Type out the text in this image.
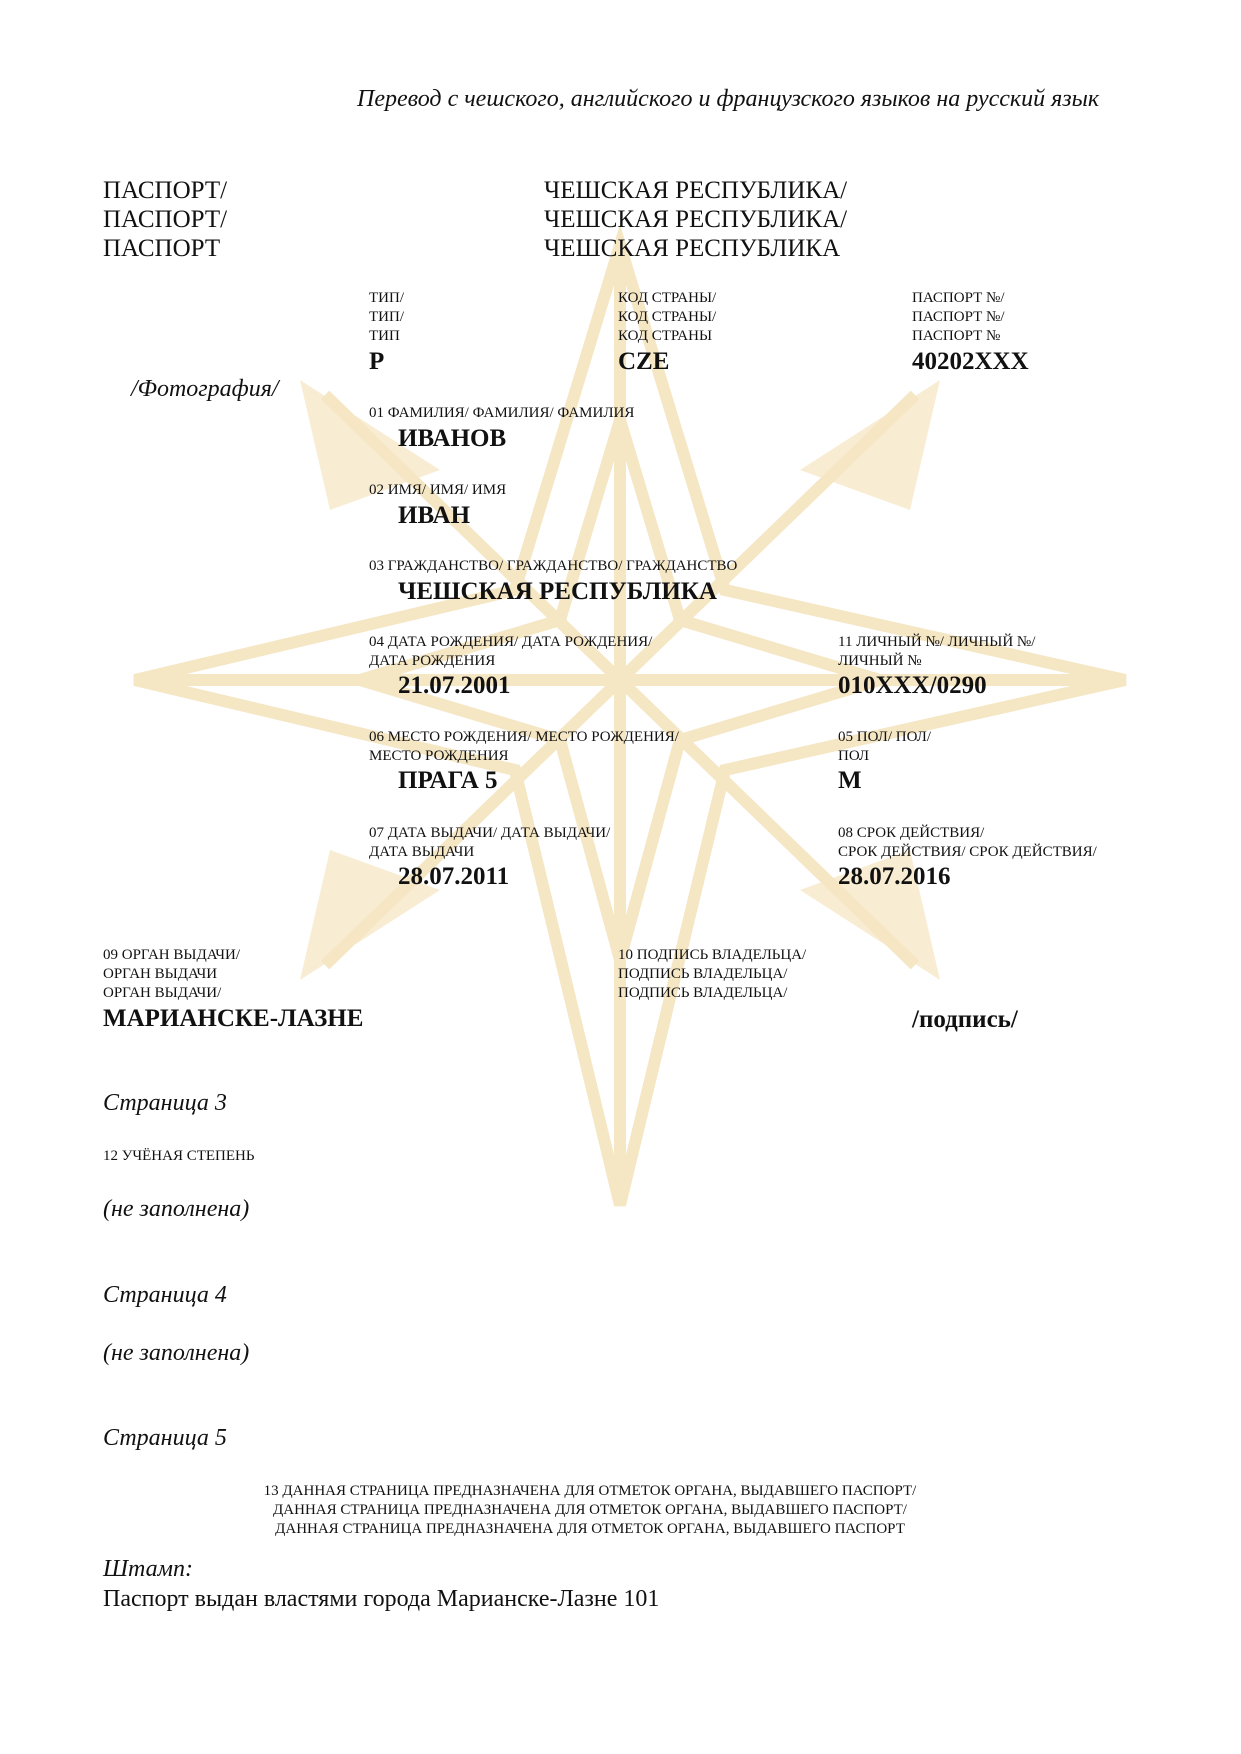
Перевод с чешского, английского и французского языков на русский язык
ПАСПОРТ/
ПАСПОРТ/
ПАСПОРТ
ЧЕШСКАЯ РЕСПУБЛИКА/
ЧЕШСКАЯ РЕСПУБЛИКА/
ЧЕШСКАЯ РЕСПУБЛИКА
ТИП/
ТИП/
ТИП
P
КОД СТРАНЫ/
КОД СТРАНЫ/
КОД СТРАНЫ
CZE
ПАСПОРТ №/
ПАСПОРТ №/
ПАСПОРТ №
40202XXX
/Фотография/
01 ФАМИЛИЯ/ ФАМИЛИЯ/ ФАМИЛИЯ
ИВАНОВ
02 ИМЯ/ ИМЯ/ ИМЯ
ИВАН
03 ГРАЖДАНСТВО/ ГРАЖДАНСТВО/ ГРАЖДАНСТВО
ЧЕШСКАЯ РЕСПУБЛИКА
04 ДАТА РОЖДЕНИЯ/ ДАТА РОЖДЕНИЯ/
ДАТА РОЖДЕНИЯ
21.07.2001
11 ЛИЧНЫЙ №/ ЛИЧНЫЙ №/
ЛИЧНЫЙ №
010XXX/0290
06 МЕСТО РОЖДЕНИЯ/ МЕСТО РОЖДЕНИЯ/
МЕСТО РОЖДЕНИЯ
ПРАГА 5
05 ПОЛ/ ПОЛ/
ПОЛ
M
07 ДАТА ВЫДАЧИ/ ДАТА ВЫДАЧИ/
ДАТА ВЫДАЧИ
28.07.2011
08 СРОК ДЕЙСТВИЯ/
СРОК ДЕЙСТВИЯ/ СРОК ДЕЙСТВИЯ/
28.07.2016
09 ОРГАН ВЫДАЧИ/
ОРГАН ВЫДАЧИ
ОРГАН ВЫДАЧИ/
МАРИАНСКЕ-ЛАЗНЕ
10 ПОДПИСЬ ВЛАДЕЛЬЦА/
ПОДПИСЬ ВЛАДЕЛЬЦА/
ПОДПИСЬ ВЛАДЕЛЬЦА/
/подпись/
Страница 3
12 УЧЁНАЯ СТЕПЕНЬ
(не заполнена)
Страница 4
(не заполнена)
Страница 5
13 ДАННАЯ СТРАНИЦА ПРЕДНАЗНАЧЕНА ДЛЯ ОТМЕТОК ОРГАНА, ВЫДАВШЕГО ПАСПОРТ/
ДАННАЯ СТРАНИЦА ПРЕДНАЗНАЧЕНА ДЛЯ ОТМЕТОК ОРГАНА, ВЫДАВШЕГО ПАСПОРТ/
ДАННАЯ СТРАНИЦА ПРЕДНАЗНАЧЕНА ДЛЯ ОТМЕТОК ОРГАНА, ВЫДАВШЕГО ПАСПОРТ
Штамп:
Паспорт выдан властями города Марианске-Лазне 101
